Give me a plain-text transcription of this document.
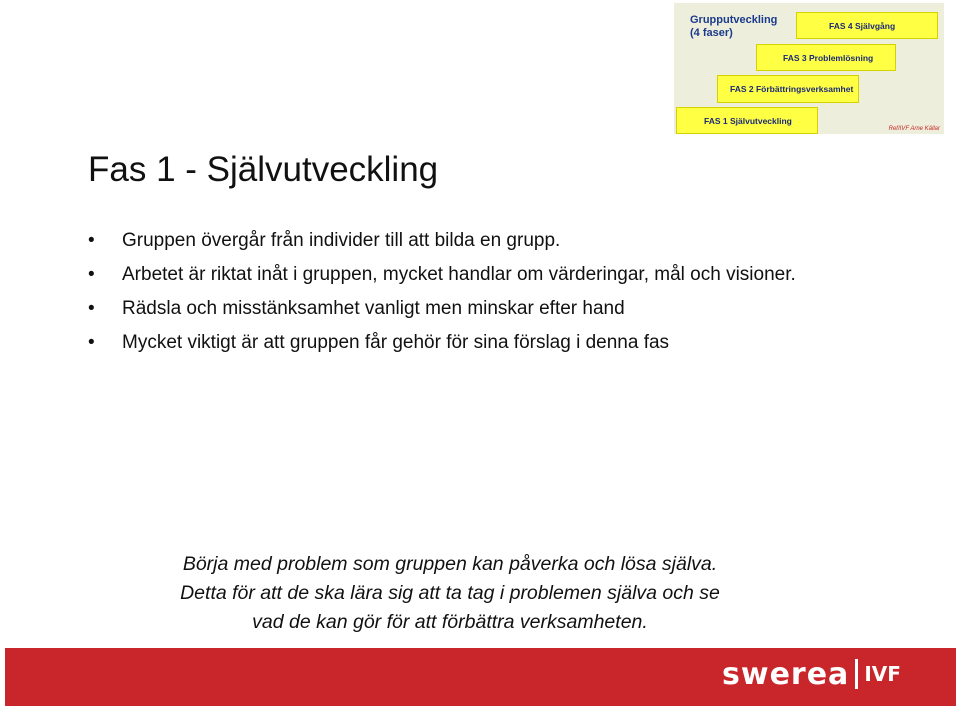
Grupputveckling
(4 faser)
FAS 4 Självgång
FAS 3 Problemlösning
FAS 2 Förbättringsverksamhet
FAS 1 Självutveckling
Ref/IVF Arne Källar
Fas 1 - Självutveckling
• Gruppen övergår från individer till att bilda en grupp.
• Arbetet är riktat inåt i gruppen, mycket handlar om värderingar, mål och visioner.
• Rädsla och misstänksamhet vanligt men minskar efter hand
• Mycket viktigt är att gruppen får gehör för sina förslag i denna fas
Börja med problem som gruppen kan påverka och lösa själva.
Detta för att de ska lära sig att ta tag i problemen själva och se
vad de kan gör för att förbättra verksamheten.
swerea IVF
